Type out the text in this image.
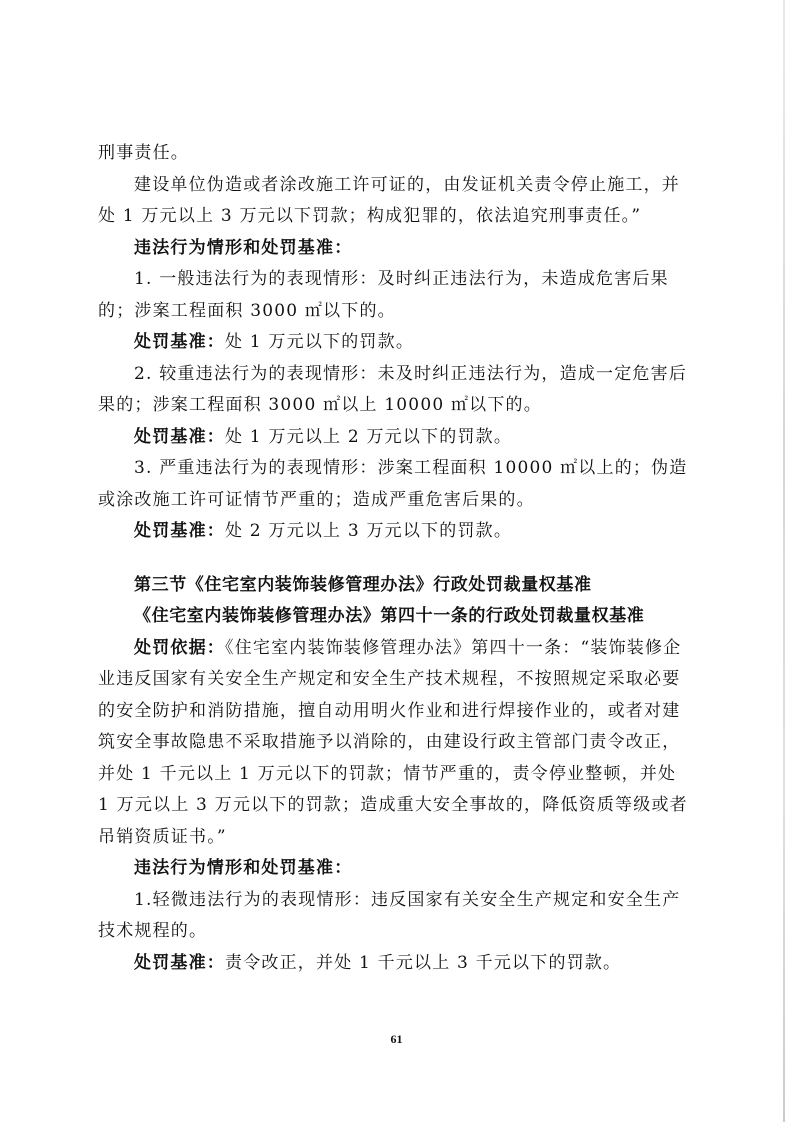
刑事责任。

建设单位伪造或者涂改施工许可证的，由发证机关责令停止施工，并处 1 万元以上 3 万元以下罚款；构成犯罪的，依法追究刑事责任。”

违法行为情形和处罚基准：

1. 一般违法行为的表现情形：及时纠正违法行为，未造成危害后果的；涉案工程面积 3000 ㎡以下的。

处罚基准：处 1 万元以下的罚款。

2. 较重违法行为的表现情形：未及时纠正违法行为，造成一定危害后果的；涉案工程面积 3000 ㎡以上 10000 ㎡以下的。

处罚基准：处 1 万元以上 2 万元以下的罚款。

3. 严重违法行为的表现情形：涉案工程面积 10000 ㎡以上的；伪造或涂改施工许可证情节严重的；造成严重危害后果的。

处罚基准：处 2 万元以上 3 万元以下的罚款。

第三节《住宅室内装饰装修管理办法》行政处罚裁量权基准

《住宅室内装饰装修管理办法》第四十一条的行政处罚裁量权基准

处罚依据：《住宅室内装饰装修管理办法》第四十一条：“装饰装修企业违反国家有关安全生产规定和安全生产技术规程，不按照规定采取必要的安全防护和消防措施，擅自动用明火作业和进行焊接作业的，或者对建筑安全事故隐患不采取措施予以消除的，由建设行政主管部门责令改正，并处 1 千元以上 1 万元以下的罚款；情节严重的，责令停业整顿，并处 1 万元以上 3 万元以下的罚款；造成重大安全事故的，降低资质等级或者吊销资质证书。”

违法行为情形和处罚基准：

1.轻微违法行为的表现情形：违反国家有关安全生产规定和安全生产技术规程的。

处罚基准：责令改正，并处 1 千元以上 3 千元以下的罚款。

61
